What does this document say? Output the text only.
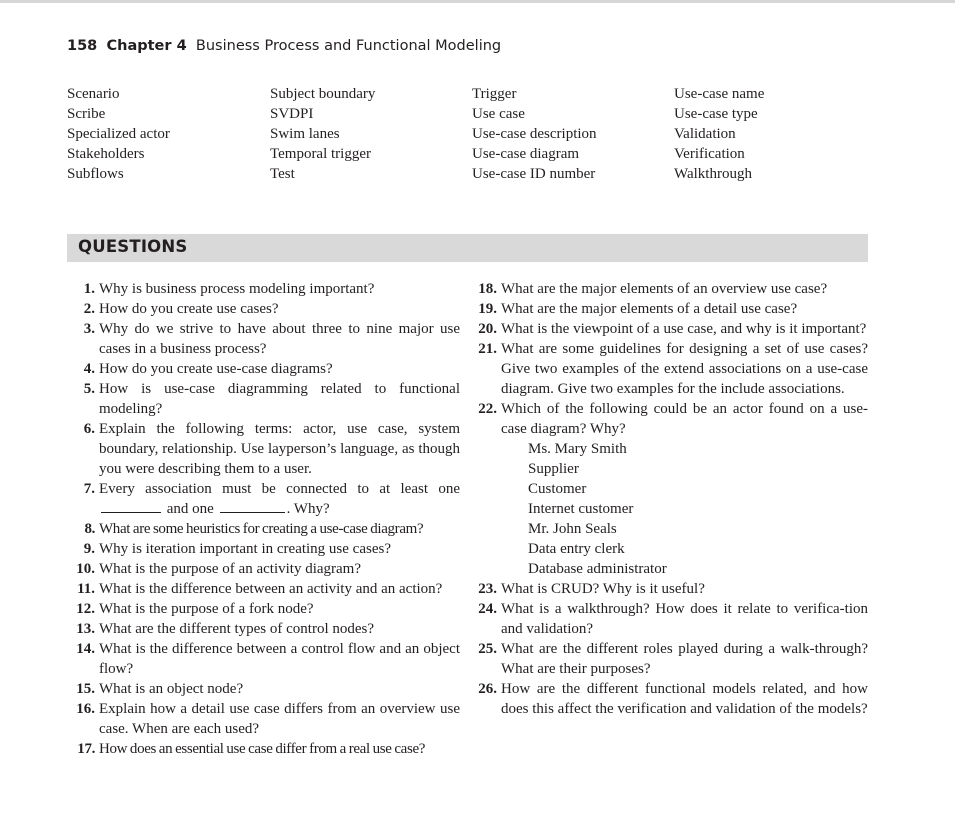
158 Chapter 4 Business Process and Functional Modeling
Scenario
Scribe
Specialized actor
Stakeholders
Subflows
Subject boundary
SVDPI
Swim lanes
Temporal trigger
Test
Trigger
Use case
Use-case description
Use-case diagram
Use-case ID number
Use-case name
Use-case type
Validation
Verification
Walkthrough
QUESTIONS
1. Why is business process modeling important?
2. How do you create use cases?
3. Why do we strive to have about three to nine major use cases in a business process?
4. How do you create use-case diagrams?
5. How is use-case diagramming related to functional modeling?
6. Explain the following terms: actor, use case, system boundary, relationship. Use layperson’s language, as though you were describing them to a user.
7. Every association must be connected to at least one  and one	. Why?
8. What are some heuristics for creating a use-case diagram?
9. Why is iteration important in creating use cases?
10. What is the purpose of an activity diagram?
11. What is the difference between an activity and an action?
12. What is the purpose of a fork node?
13. What are the different types of control nodes?
14. What is the difference between a control flow and an object flow?
15. What is an object node?
16. Explain how a detail use case differs from an overview use case. When are each used?
17. How does an essential use case differ from a real use case?
18. What are the major elements of an overview use case?
19. What are the major elements of a detail use case?
20. What is the viewpoint of a use case, and why is it important?
21. What are some guidelines for designing a set of use cases? Give two examples of the extend associations on a use-case diagram. Give two examples for the include associations.
22. Which of the following could be an actor found on a use-case diagram? Why?
Ms. Mary Smith
Supplier
Customer
Internet customer
Mr. John Seals
Data entry clerk
Database administrator
23. What is CRUD? Why is it useful?
24. What is a walkthrough? How does it relate to verifica-tion and validation?
25. What are the different roles played during a walk-through? What are their purposes?
26. How are the different functional models related, and how does this affect the verification and validation of the models?
